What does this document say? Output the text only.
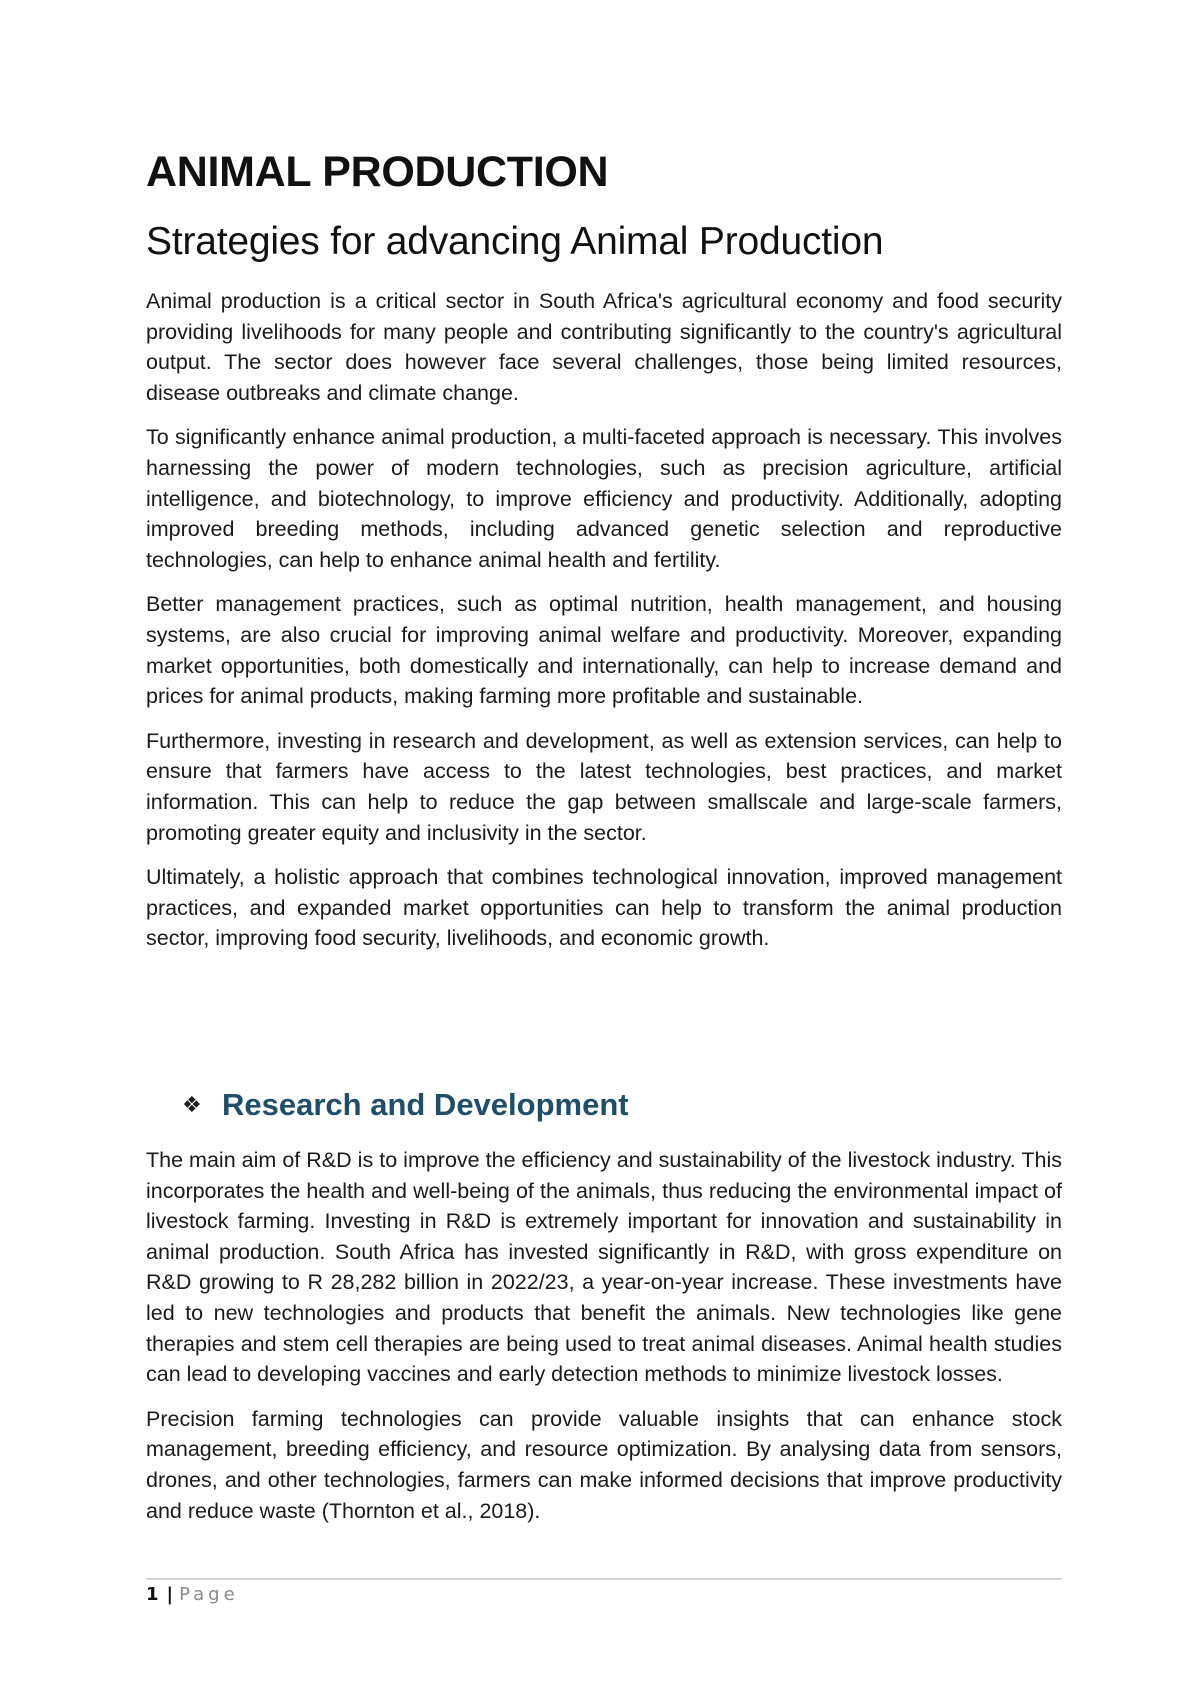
ANIMAL PRODUCTION
Strategies for advancing Animal Production

Animal production is a critical sector in South Africa's agricultural economy and food security providing livelihoods for many people and contributing significantly to the country's agricultural output. The sector does however face several challenges, those being limited resources, disease outbreaks and climate change.

To significantly enhance animal production, a multi-faceted approach is necessary. This involves harnessing the power of modern technologies, such as precision agriculture, artificial intelligence, and biotechnology, to improve efficiency and productivity. Additionally, adopting improved breeding methods, including advanced genetic selection and reproductive technologies, can help to enhance animal health and fertility.

Better management practices, such as optimal nutrition, health management, and housing systems, are also crucial for improving animal welfare and productivity. Moreover, expanding market opportunities, both domestically and internationally, can help to increase demand and prices for animal products, making farming more profitable and sustainable.

Furthermore, investing in research and development, as well as extension services, can help to ensure that farmers have access to the latest technologies, best practices, and market information. This can help to reduce the gap between smallscale and large-scale farmers, promoting greater equity and inclusivity in the sector.

Ultimately, a holistic approach that combines technological innovation, improved management practices, and expanded market opportunities can help to transform the animal production sector, improving food security, livelihoods, and economic growth.

❖ Research and Development

The main aim of R&D is to improve the efficiency and sustainability of the livestock industry. This incorporates the health and well-being of the animals, thus reducing the environmental impact of livestock farming. Investing in R&D is extremely important for innovation and sustainability in animal production. South Africa has invested significantly in R&D, with gross expenditure on R&D growing to R 28,282 billion in 2022/23, a year-on-year increase. These investments have led to new technologies and products that benefit the animals. New technologies like gene therapies and stem cell therapies are being used to treat animal diseases. Animal health studies can lead to developing vaccines and early detection methods to minimize livestock losses.

Precision farming technologies can provide valuable insights that can enhance stock management, breeding efficiency, and resource optimization. By analysing data from sensors, drones, and other technologies, farmers can make informed decisions that improve productivity and reduce waste (Thornton et al., 2018).

1 | Page
